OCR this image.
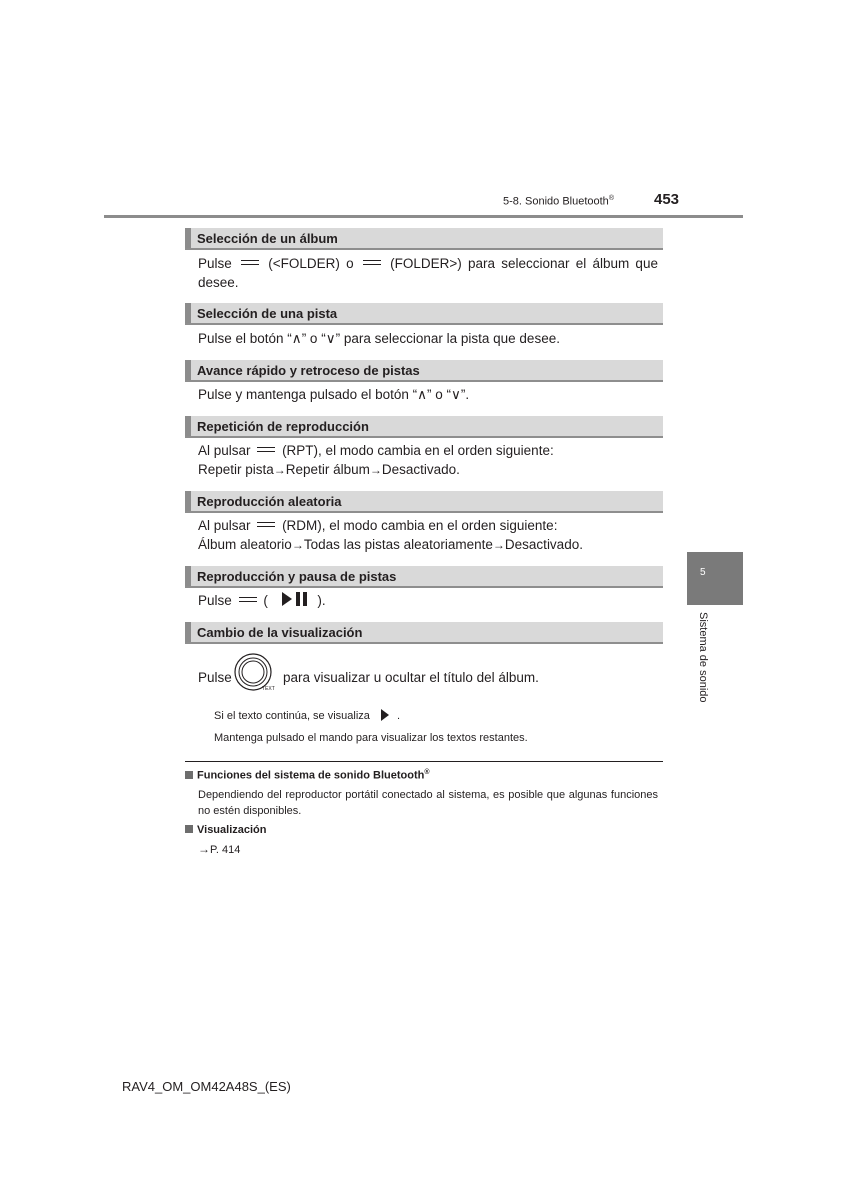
5-8. Sonido Bluetooth®	453
Selección de un álbum
Pulse	(<FOLDER) o	(FOLDER>) para seleccionar el álbum que desee.
Selección de una pista
Pulse el botón “∧” o “∨” para seleccionar la pista que desee.
Avance rápido y retroceso de pistas
Pulse y mantenga pulsado el botón “∧” o “∨”.
Repetición de reproducción
Al pulsar (RPT), el modo cambia en el orden siguiente:
Repetir pista→Repetir álbum→Desactivado.
Reproducción aleatoria
Al pulsar (RDM), el modo cambia en el orden siguiente:
Álbum aleatorio→Todas las pistas aleatoriamente→Desactivado.
Reproducción y pausa de pistas
Pulse (	).
Cambio de la visualización
Pulse
TEXT
para visualizar u ocultar el título del álbum.
Si el texto continúa, se visualiza .
Mantenga pulsado el mando para visualizar los textos restantes.
Funciones del sistema de sonido Bluetooth®
Dependiendo del reproductor portátil conectado al sistema, es posible que algunas funciones no estén disponibles.
Visualización
→P. 414
5
Sistema de sonido
RAV4_OM_OM42A48S_(ES)
